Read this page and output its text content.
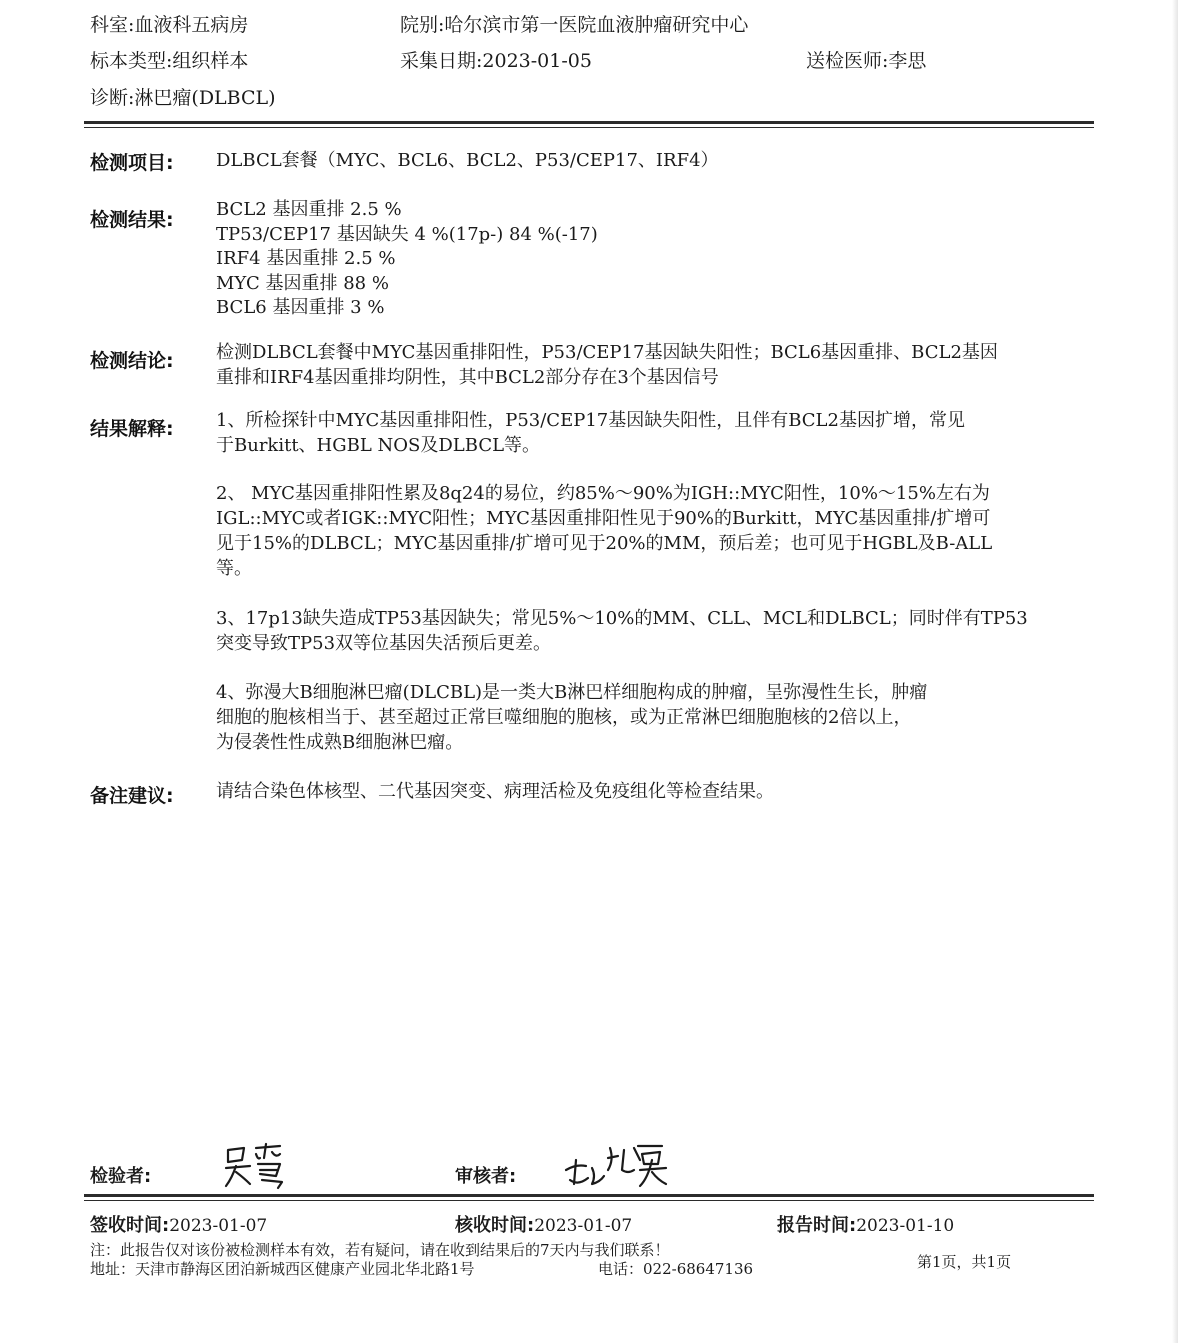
科室:血液科五病房	院别:哈尔滨市第一医院血液肿瘤研究中心
标本类型:组织样本	采集日期:2023-01-05	送检医师:李思
诊断:淋巴瘤(DLBCL)
检测项目: DLBCL套餐（MYC、BCL6、BCL2、P53/CEP17、IRF4）
检测结果: BCL2 基因重排 2.5 %
TP53/CEP17 基因缺失 4 %(17p-) 84 %(-17)
IRF4 基因重排 2.5 %
MYC 基因重排 88 %
BCL6 基因重排 3 %
检测结论: 检测DLBCL套餐中MYC基因重排阳性，P53/CEP17基因缺失阳性；BCL6基因重排、BCL2基因
重排和IRF4基因重排均阴性，其中BCL2部分存在3个基因信号
结果解释: 1、所检探针中MYC基因重排阳性，P53/CEP17基因缺失阳性，且伴有BCL2基因扩增，常见
于Burkitt、HGBL NOS及DLBCL等。
2、 MYC基因重排阳性累及8q24的易位，约85%～90%为IGH::MYC阳性，10%～15%左右为
IGL::MYC或者IGK::MYC阳性；MYC基因重排阳性见于90%的Burkitt，MYC基因重排/扩增可
见于15%的DLBCL；MYC基因重排/扩增可见于20%的MM，预后差；也可见于HGBL及B-ALL
等。
3、17p13缺失造成TP53基因缺失；常见5%～10%的MM、CLL、MCL和DLBCL；同时伴有TP53
突变导致TP53双等位基因失活预后更差。
4、弥漫大B细胞淋巴瘤(DLCBL)是一类大B淋巴样细胞构成的肿瘤，呈弥漫性生长，肿瘤
细胞的胞核相当于、甚至超过正常巨噬细胞的胞核，或为正常淋巴细胞胞核的2倍以上，
为侵袭性性成熟B细胞淋巴瘤。
备注建议: 请结合染色体核型、二代基因突变、病理活检及免疫组化等检查结果。
检验者:	审核者:
签收时间:2023-01-07	核收时间:2023-01-07	报告时间:2023-01-10
注：此报告仅对该份被检测样本有效，若有疑问，请在收到结果后的7天内与我们联系！
地址：天津市静海区团泊新城西区健康产业园北华北路1号	电话：022-68647136	第1页，共1页
